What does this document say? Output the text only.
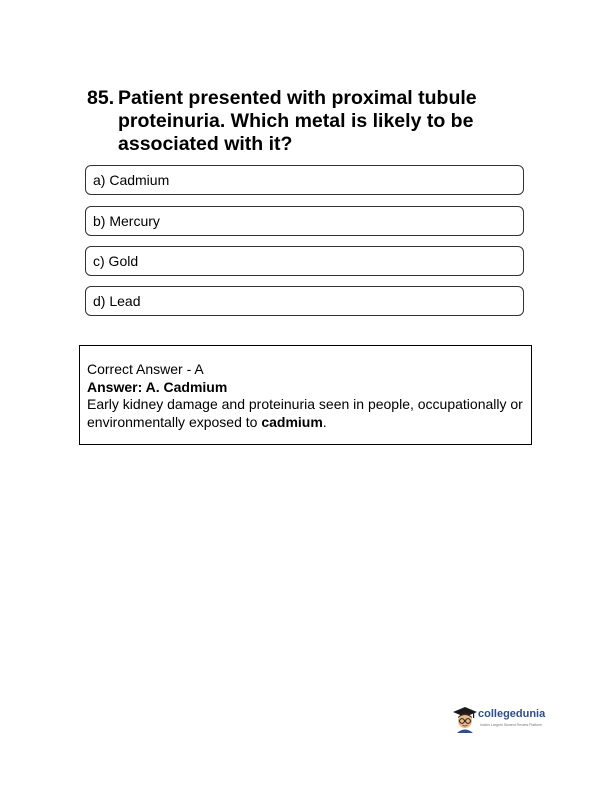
85. Patient presented with proximal tubule proteinuria. Which metal is likely to be associated with it?
a) Cadmium
b) Mercury
c) Gold
d) Lead
Correct Answer - A
Answer: A. Cadmium
Early kidney damage and proteinuria seen in people, occupationally or environmentally exposed to cadmium.
collegedunia
India's Largest Student Review Platform
